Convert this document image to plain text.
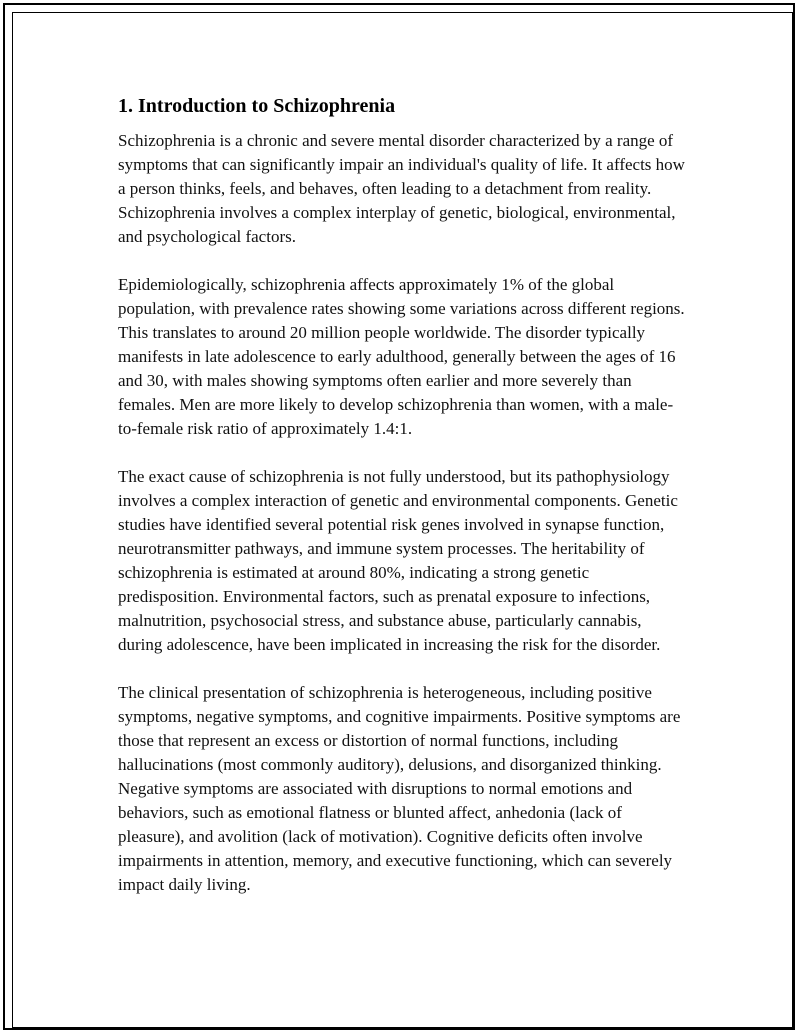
1. Introduction to Schizophrenia

Schizophrenia is a chronic and severe mental disorder characterized by a range of symptoms that can significantly impair an individual's quality of life. It affects how a person thinks, feels, and behaves, often leading to a detachment from reality. Schizophrenia involves a complex interplay of genetic, biological, environmental, and psychological factors.

Epidemiologically, schizophrenia affects approximately 1% of the global population, with prevalence rates showing some variations across different regions. This translates to around 20 million people worldwide. The disorder typically manifests in late adolescence to early adulthood, generally between the ages of 16 and 30, with males showing symptoms often earlier and more severely than females. Men are more likely to develop schizophrenia than women, with a male-to-female risk ratio of approximately 1.4:1.

The exact cause of schizophrenia is not fully understood, but its pathophysiology involves a complex interaction of genetic and environmental components. Genetic studies have identified several potential risk genes involved in synapse function, neurotransmitter pathways, and immune system processes. The heritability of schizophrenia is estimated at around 80%, indicating a strong genetic predisposition. Environmental factors, such as prenatal exposure to infections, malnutrition, psychosocial stress, and substance abuse, particularly cannabis, during adolescence, have been implicated in increasing the risk for the disorder.

The clinical presentation of schizophrenia is heterogeneous, including positive symptoms, negative symptoms, and cognitive impairments. Positive symptoms are those that represent an excess or distortion of normal functions, including hallucinations (most commonly auditory), delusions, and disorganized thinking. Negative symptoms are associated with disruptions to normal emotions and behaviors, such as emotional flatness or blunted affect, anhedonia (lack of pleasure), and avolition (lack of motivation). Cognitive deficits often involve impairments in attention, memory, and executive functioning, which can severely impact daily living.
